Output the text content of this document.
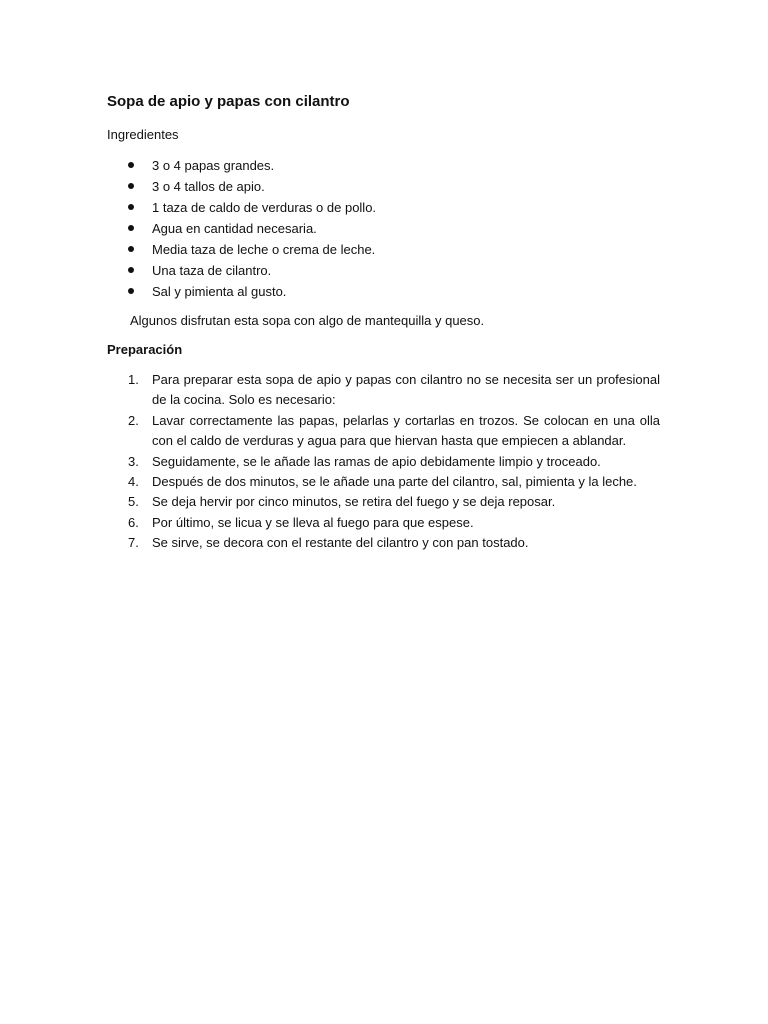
Sopa de apio y papas con cilantro

Ingredientes

3 o 4 papas grandes.
3 o 4 tallos de apio.
1 taza de caldo de verduras o de pollo.
Agua en cantidad necesaria.
Media taza de leche o crema de leche.
Una taza de cilantro.
Sal y pimienta al gusto.

Algunos disfrutan esta sopa con algo de mantequilla y queso.

Preparación

1. Para preparar esta sopa de apio y papas con cilantro no se necesita ser un profesional de la cocina. Solo es necesario:
2. Lavar correctamente las papas, pelarlas y cortarlas en trozos. Se colocan en una olla con el caldo de verduras y agua para que hiervan hasta que empiecen a ablandar.
3. Seguidamente, se le añade las ramas de apio debidamente limpio y troceado.
4. Después de dos minutos, se le añade una parte del cilantro, sal, pimienta y la leche.
5. Se deja hervir por cinco minutos, se retira del fuego y se deja reposar.
6. Por último, se licua y se lleva al fuego para que espese.
7. Se sirve, se decora con el restante del cilantro y con pan tostado.
